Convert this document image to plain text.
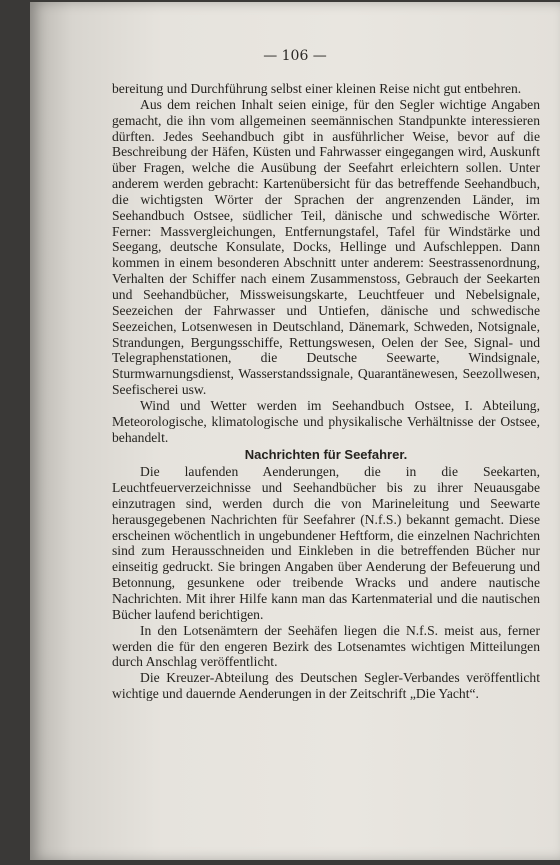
— 106 —

bereitung und Durchführung selbst einer kleinen Reise nicht gut entbehren.

Aus dem reichen Inhalt seien einige, für den Segler wichtige Angaben gemacht, die ihn vom allgemeinen seemännischen Standpunkte interessieren dürften. Jedes Seehandbuch gibt in ausführlicher Weise, bevor auf die Beschreibung der Häfen, Küsten und Fahrwasser eingegangen wird, Auskunft über Fragen, welche die Ausübung der Seefahrt erleichtern sollen. Unter anderem werden gebracht: Kartenübersicht für das betreffende Seehandbuch, die wichtigsten Wörter der Sprachen der angrenzenden Länder, im Seehandbuch Ostsee, südlicher Teil, dänische und schwedische Wörter. Ferner: Massvergleichungen, Entfernungstafel, Tafel für Windstärke und Seegang, deutsche Konsulate, Docks, Hellinge und Aufschleppen. Dann kommen in einem besonderen Abschnitt unter anderem: Seestrassenordnung, Verhalten der Schiffer nach einem Zusammenstoss, Gebrauch der Seekarten und Seehandbücher, Missweisungskarte, Leuchtfeuer und Nebelsignale, Seezeichen der Fahrwasser und Untiefen, dänische und schwedische Seezeichen, Lotsenwesen in Deutschland, Dänemark, Schweden, Notsignale, Strandungen, Bergungsschiffe, Rettungswesen, Oelen der See, Signal- und Telegraphenstationen, die Deutsche Seewarte, Windsignale, Sturmwarnungsdienst, Wasserstandssignale, Quarantänewesen, Seezollwesen, Seefischerei usw.

Wind und Wetter werden im Seehandbuch Ostsee, I. Abteilung, Meteorologische, klimatologische und physikalische Verhältnisse der Ostsee, behandelt.

Nachrichten für Seefahrer.

Die laufenden Aenderungen, die in die Seekarten, Leuchtfeuerverzeichnisse und Seehandbücher bis zu ihrer Neuausgabe einzutragen sind, werden durch die von Marineleitung und Seewarte herausgegebenen Nachrichten für Seefahrer (N.f.S.) bekannt gemacht. Diese erscheinen wöchentlich in ungebundener Heftform, die einzelnen Nachrichten sind zum Herausschneiden und Einkleben in die betreffenden Bücher nur einseitig gedruckt. Sie bringen Angaben über Aenderung der Befeuerung und Betonnung, gesunkene oder treibende Wracks und andere nautische Nachrichten. Mit ihrer Hilfe kann man das Kartenmaterial und die nautischen Bücher laufend berichtigen.

In den Lotsenämtern der Seehäfen liegen die N.f.S. meist aus, ferner werden die für den engeren Bezirk des Lotsenamtes wichtigen Mitteilungen durch Anschlag veröffentlicht.

Die Kreuzer-Abteilung des Deutschen Segler-Verbandes veröffentlicht wichtige und dauernde Aenderungen in der Zeitschrift „Die Yacht“.
